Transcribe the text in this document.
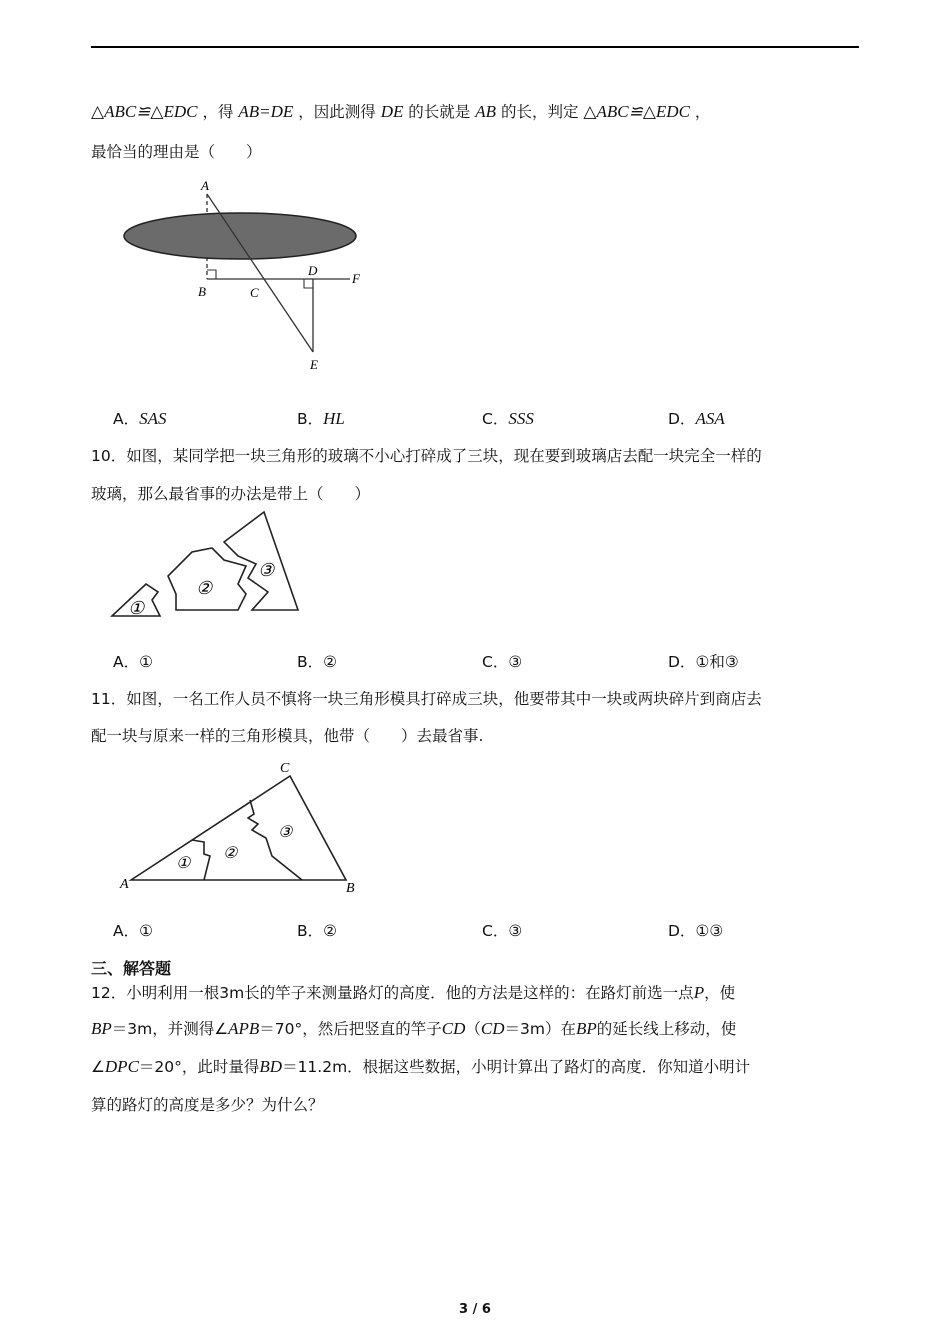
△ABC≌△EDC ，得 AB=DE ，因此测得 DE 的长就是 AB 的长，判定 △ABC≌△EDC ，
最恰当的理由是（　　）
A
B	C
D
F
E
A．SAS	B．HL	C．SSS	D．ASA
10．如图，某同学把一块三角形的玻璃不小心打碎成了三块，现在要到玻璃店去配一块完全一样的
玻璃，那么最省事的办法是带上（　　）
①
②
③
A．①	B．②	C．③	D．①和③
11．如图，一名工作人员不慎将一块三角形模具打碎成三块，他要带其中一块或两块碎片到商店去
配一块与原来一样的三角形模具，他带（　　）去最省事.
A	B
C
①
②
③
A．①	B．②	C．③	D．①③
三、解答题
12．小明利用一根3m长的竿子来测量路灯的高度．他的方法是这样的：在路灯前选一点P，使
BP＝3m，并测得∠APB＝70°，然后把竖直的竿子CD（CD＝3m）在BP的延长线上移动，使
∠DPC＝20°，此时量得BD＝11.2m．根据这些数据，小明计算出了路灯的高度．你知道小明计
算的路灯的高度是多少？为什么？
3 / 6
